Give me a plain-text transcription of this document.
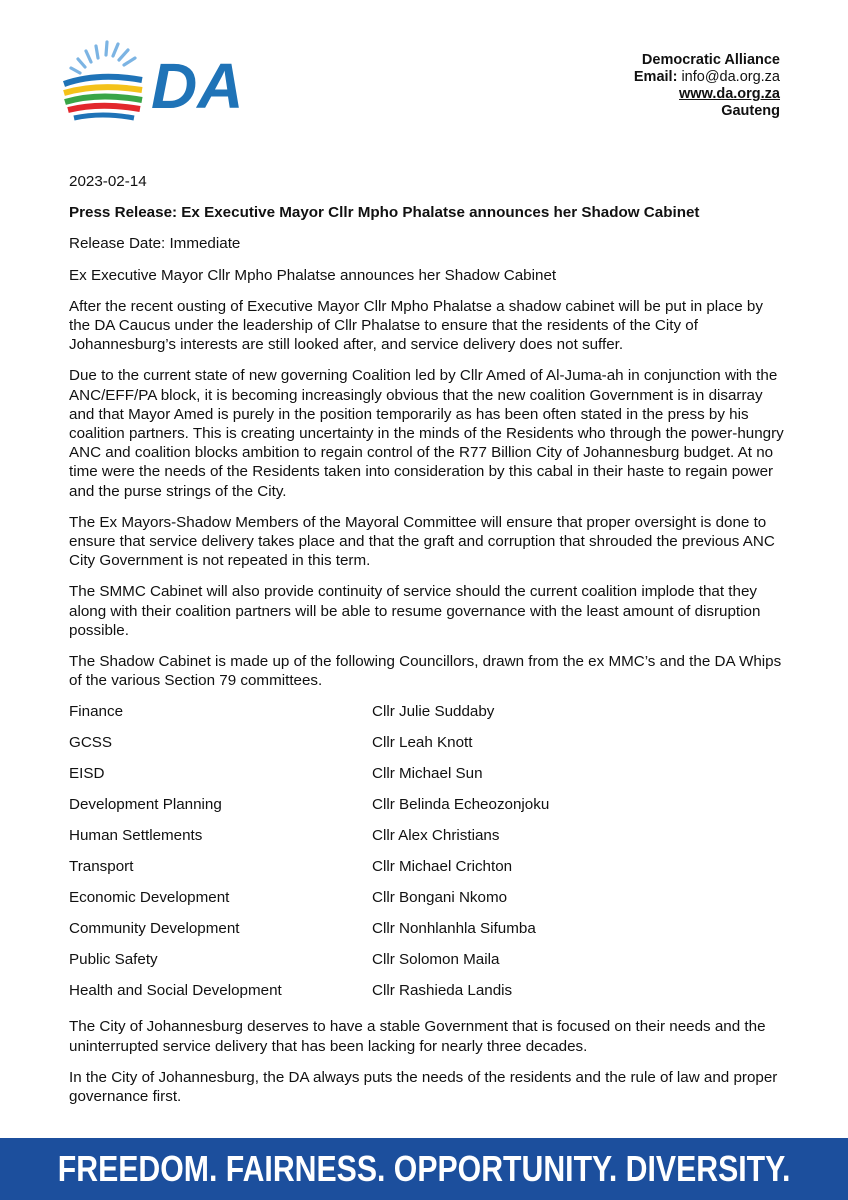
DA	Democratic Alliance
Email: info@da.org.za
www.da.org.za
Gauteng

2023-02-14

Press Release: Ex Executive Mayor Cllr Mpho Phalatse announces her Shadow Cabinet

Release Date: Immediate

Ex Executive Mayor Cllr Mpho Phalatse announces her Shadow Cabinet

After the recent ousting of Executive Mayor Cllr Mpho Phalatse a shadow cabinet will be put in place by the DA Caucus under the leadership of Cllr Phalatse to ensure that the residents of the City of Johannesburg’s interests are still looked after, and service delivery does not suffer.

Due to the current state of new governing Coalition led by Cllr Amed of Al-Juma-ah in conjunction with the ANC/EFF/PA block, it is becoming increasingly obvious that the new coalition Government is in disarray and that Mayor Amed is purely in the position temporarily as has been often stated in the press by his coalition partners. This is creating uncertainty in the minds of the Residents who through the power-hungry ANC and coalition blocks ambition to regain control of the R77 Billion City of Johannesburg budget. At no time were the needs of the Residents taken into consideration by this cabal in their haste to regain power and the purse strings of the City.

The Ex Mayors-Shadow Members of the Mayoral Committee will ensure that proper oversight is done to ensure that service delivery takes place and that the graft and corruption that shrouded the previous ANC City Government is not repeated in this term.

The SMMC Cabinet will also provide continuity of service should the current coalition implode that they along with their coalition partners will be able to resume governance with the least amount of disruption possible.

The Shadow Cabinet is made up of the following Councillors, drawn from the ex MMC’s and the DA Whips of the various Section 79 committees.

Finance	Cllr Julie Suddaby
GCSS	Cllr Leah Knott
EISD	Cllr Michael Sun
Development Planning	Cllr Belinda Echeozonjoku
Human Settlements	Cllr Alex Christians
Transport	Cllr Michael Crichton
Economic Development	Cllr Bongani Nkomo
Community Development	Cllr Nonhlanhla Sifumba
Public Safety	Cllr Solomon Maila
Health and Social Development	Cllr Rashieda Landis

The City of Johannesburg deserves to have a stable Government that is focused on their needs and the uninterrupted service delivery that has been lacking for nearly three decades.

In the City of Johannesburg, the DA always puts the needs of the residents and the rule of law and proper governance first.

FREEDOM. FAIRNESS. OPPORTUNITY. DIVERSITY.
